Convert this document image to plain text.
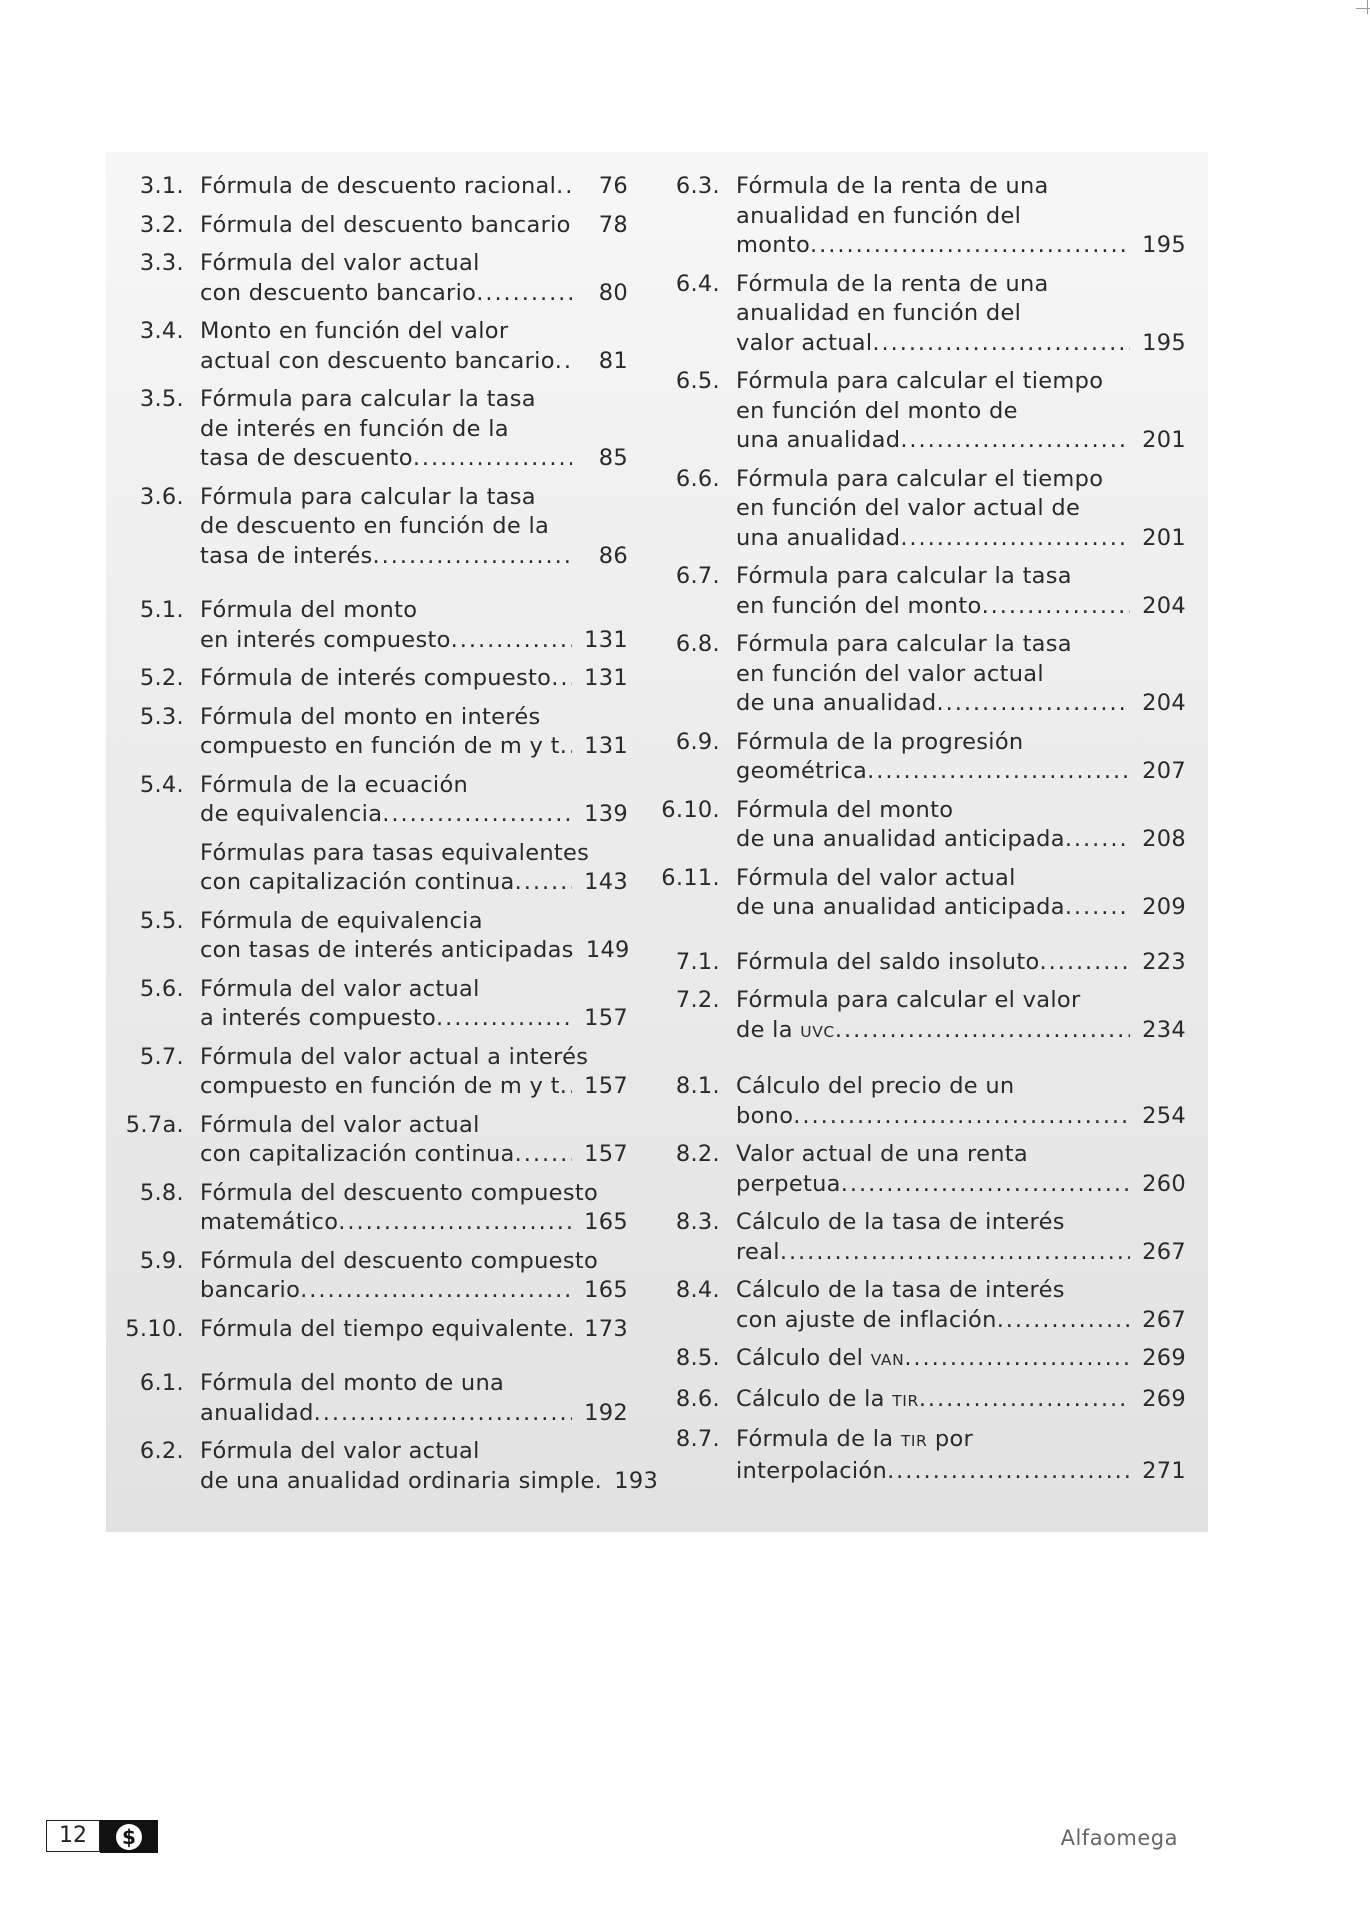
3.1. Fórmula de descuento racional . . .	76
3.2. Fórmula del descuento bancario . . .	78
3.3. Fórmula del valor actual
con descuento bancario . . .	80
3.4. Monto en función del valor
actual con descuento bancario . . .	81
3.5. Fórmula para calcular la tasa
de interés en función de la
tasa de descuento . . .	85
3.6. Fórmula para calcular la tasa
de descuento en función de la
tasa de interés . . .	86
5.1. Fórmula del monto
en interés compuesto . . .	131
5.2. Fórmula de interés compuesto . . .	131
5.3. Fórmula del monto en interés
compuesto en función de m y t . . .	131
5.4. Fórmula de la ecuación
de equivalencia . . .	139
Fórmulas para tasas equivalentes
con capitalización continua . . .	143
5.5. Fórmula de equivalencia
con tasas de interés anticipadas 149
5.6. Fórmula del valor actual
a interés compuesto . . .	157
5.7. Fórmula del valor actual a interés
compuesto en función de m y t . . .	157
5.7a. Fórmula del valor actual
con capitalización continua . . .	157
5.8. Fórmula del descuento compuesto
matemático . . .	165
5.9. Fórmula del descuento compuesto
bancario . . .	165
5.10. Fórmula del tiempo equivalente . . . 173
6.1. Fórmula del monto de una
anualidad . . .	192
6.2. Fórmula del valor actual
de una anualidad ordinaria simple. 193
6.3. Fórmula de la renta de una
anualidad en función del
monto . . .	195
6.4. Fórmula de la renta de una
anualidad en función del
valor actual . . .	195
6.5. Fórmula para calcular el tiempo
en función del monto de
una anualidad . . .	201
6.6. Fórmula para calcular el tiempo
en función del valor actual de
una anualidad . . .	201
6.7. Fórmula para calcular la tasa
en función del monto . . .	204
6.8. Fórmula para calcular la tasa
en función del valor actual
de una anualidad . . .	204
6.9. Fórmula de la progresión
geométrica . . .	207
6.10. Fórmula del monto
de una anualidad anticipada . . .	208
6.11. Fórmula del valor actual
de una anualidad anticipada . . .	209
7.1. Fórmula del saldo insoluto . . .	223
7.2. Fórmula para calcular el valor
de la UVC . . .	234
8.1. Cálculo del precio de un
bono . . .	254
8.2. Valor actual de una renta
perpetua . . .	260
8.3. Cálculo de la tasa de interés
real . . .	267
8.4. Cálculo de la tasa de interés
con ajuste de inflación . . .	267
8.5. Cálculo del VAN . . .	269
8.6. Cálculo de la TIR . . .	269
8.7. Fórmula de la TIR por
interpolación . . .	271
12	$	Alfaomega
